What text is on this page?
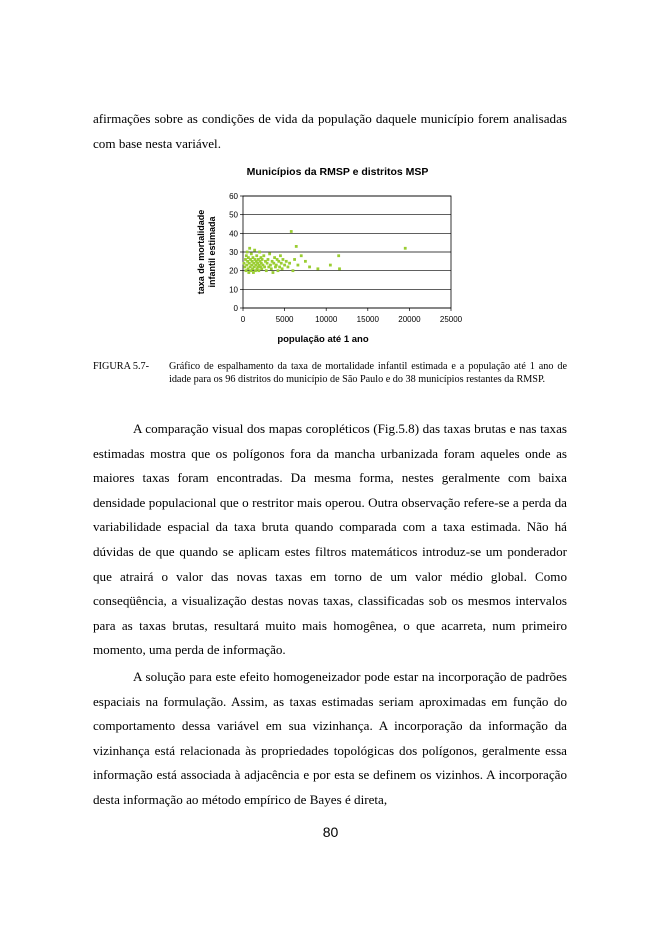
afirmações sobre as condições de vida da população daquele município forem analisadas com base nesta variável.

Municípios da RMSP e distritos MSP
0
10
20
30
40
50
60
0	5000	10000 15000 20000 25000
população até 1 ano
taxa de mortalidade infantil estimada
FIGURA 5.7-	Gráfico de espalhamento da taxa de mortalidade infantil estimada e a população até 1 ano de idade para os 96 distritos do município de São Paulo e do 38 municípios restantes da RMSP.

A comparação visual dos mapas coropléticos (Fig.5.8) das taxas brutas e nas taxas estimadas mostra que os polígonos fora da mancha urbanizada foram aqueles onde as maiores taxas foram encontradas. Da mesma forma, nestes geralmente com baixa densidade populacional que o restritor mais operou. Outra observação refere-se a perda da variabilidade espacial da taxa bruta quando comparada com a taxa estimada. Não há dúvidas de que quando se aplicam estes filtros matemáticos introduz-se um ponderador que atrairá o valor das novas taxas em torno de um valor médio global. Como conseqüência, a visualização destas novas taxas, classificadas sob os mesmos intervalos para as taxas brutas, resultará muito mais homogênea, o que acarreta, num primeiro momento, uma perda de informação.

A solução para este efeito homogeneizador pode estar na incorporação de padrões espaciais na formulação. Assim, as taxas estimadas seriam aproximadas em função do comportamento dessa variável em sua vizinhança. A incorporação da informação da vizinhança está relacionada às propriedades topológicas dos polígonos, geralmente essa informação está associada à adjacência e por esta se definem os vizinhos. A incorporação desta informação ao método empírico de Bayes é direta,

80
